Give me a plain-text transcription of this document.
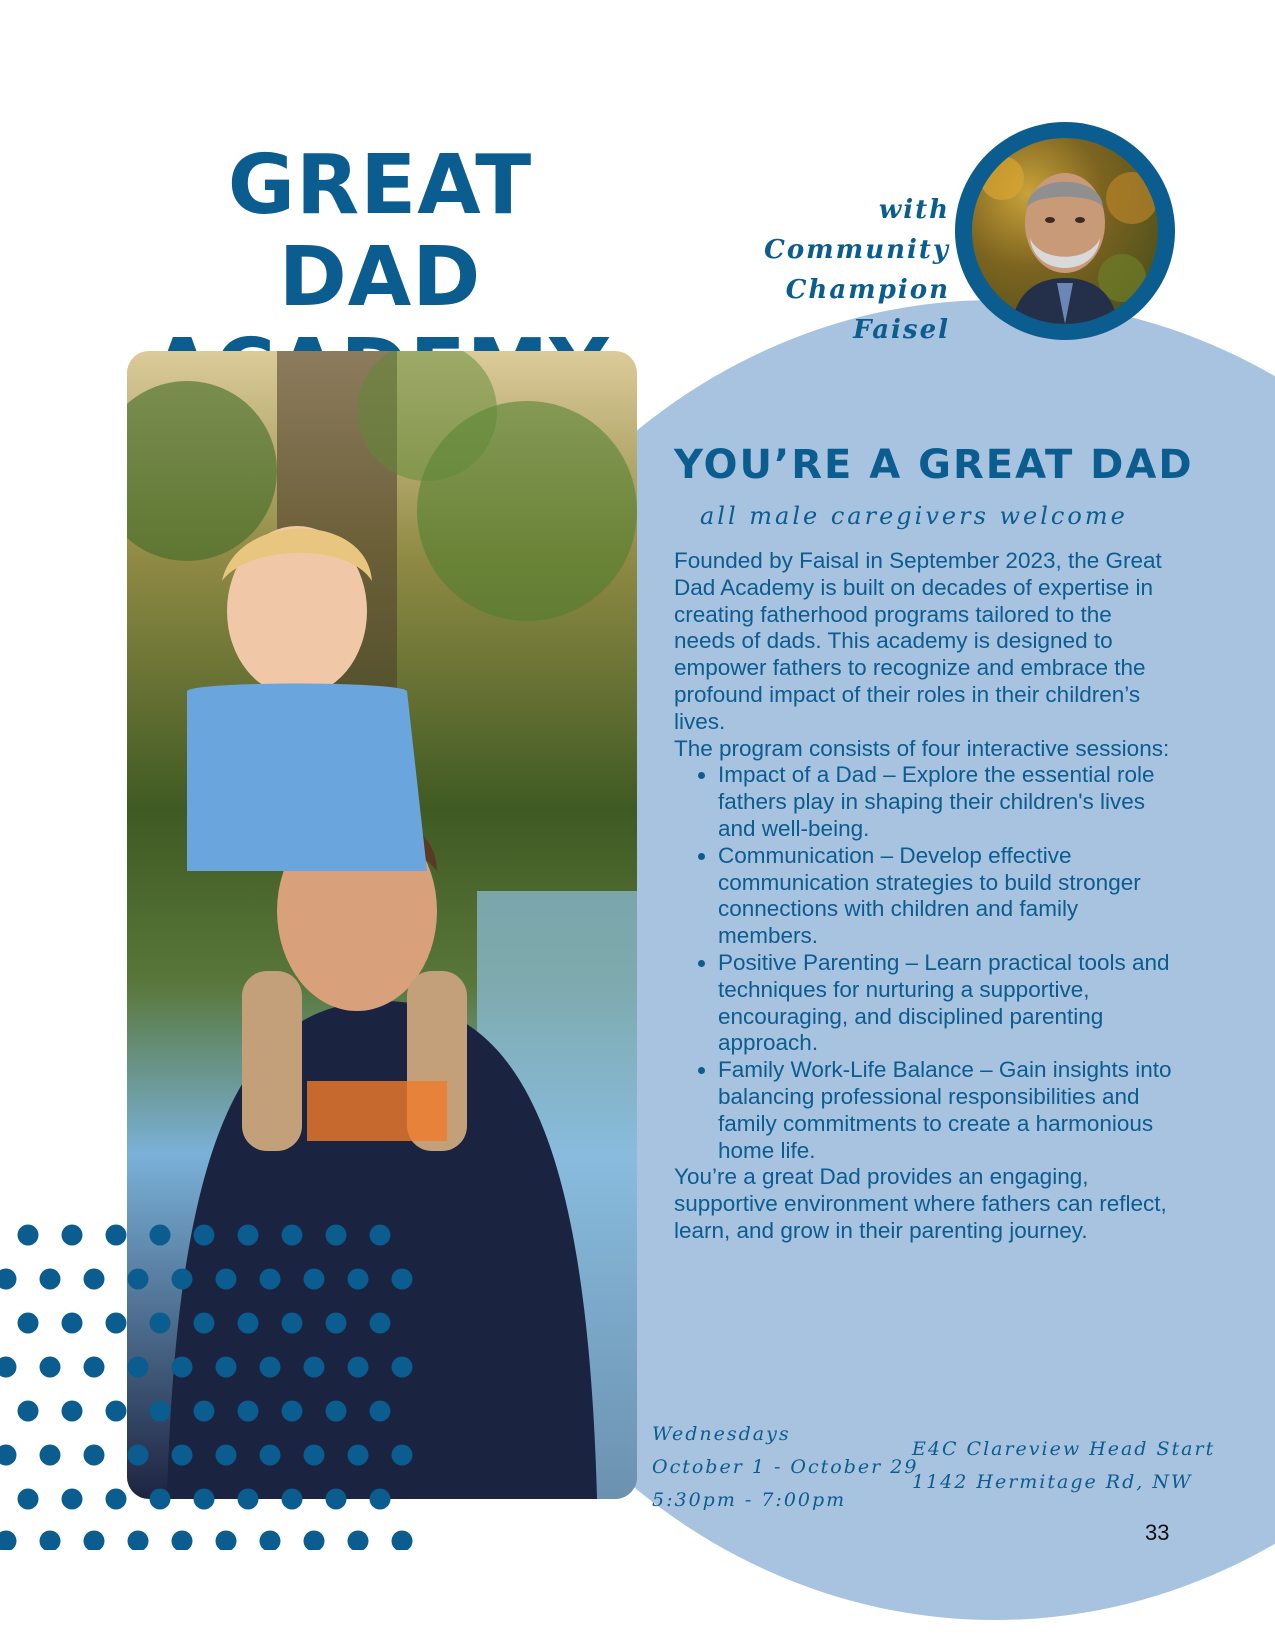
GREAT DAD
with Community
Champion Faisel
YOU’RE A GREAT DAD
all male caregivers welcome

Founded by Faisal in September 2023, the Great Dad Academy is built on decades of expertise in creating fatherhood programs tailored to the needs of dads. This academy is designed to empower fathers to recognize and embrace the profound impact of their roles in their children’s lives.

The program consists of four interactive sessions:

• Impact of a Dad – Explore the essential role fathers play in shaping their children's lives and well-being.
• Communication – Develop effective communication strategies to build stronger connections with children and family members.
• Positive Parenting – Learn practical tools and techniques for nurturing a supportive, encouraging, and disciplined parenting approach.
• Family Work-Life Balance – Gain insights into balancing professional responsibilities and family commitments to create a harmonious home life.

You’re a great Dad provides an engaging, supportive environment where fathers can reflect, learn, and grow in their parenting journey.

Wednesdays
October 1 - October 29
5:30pm - 7:00pm
E4C Clareview Head Start
1142 Hermitage Rd, NW
33
